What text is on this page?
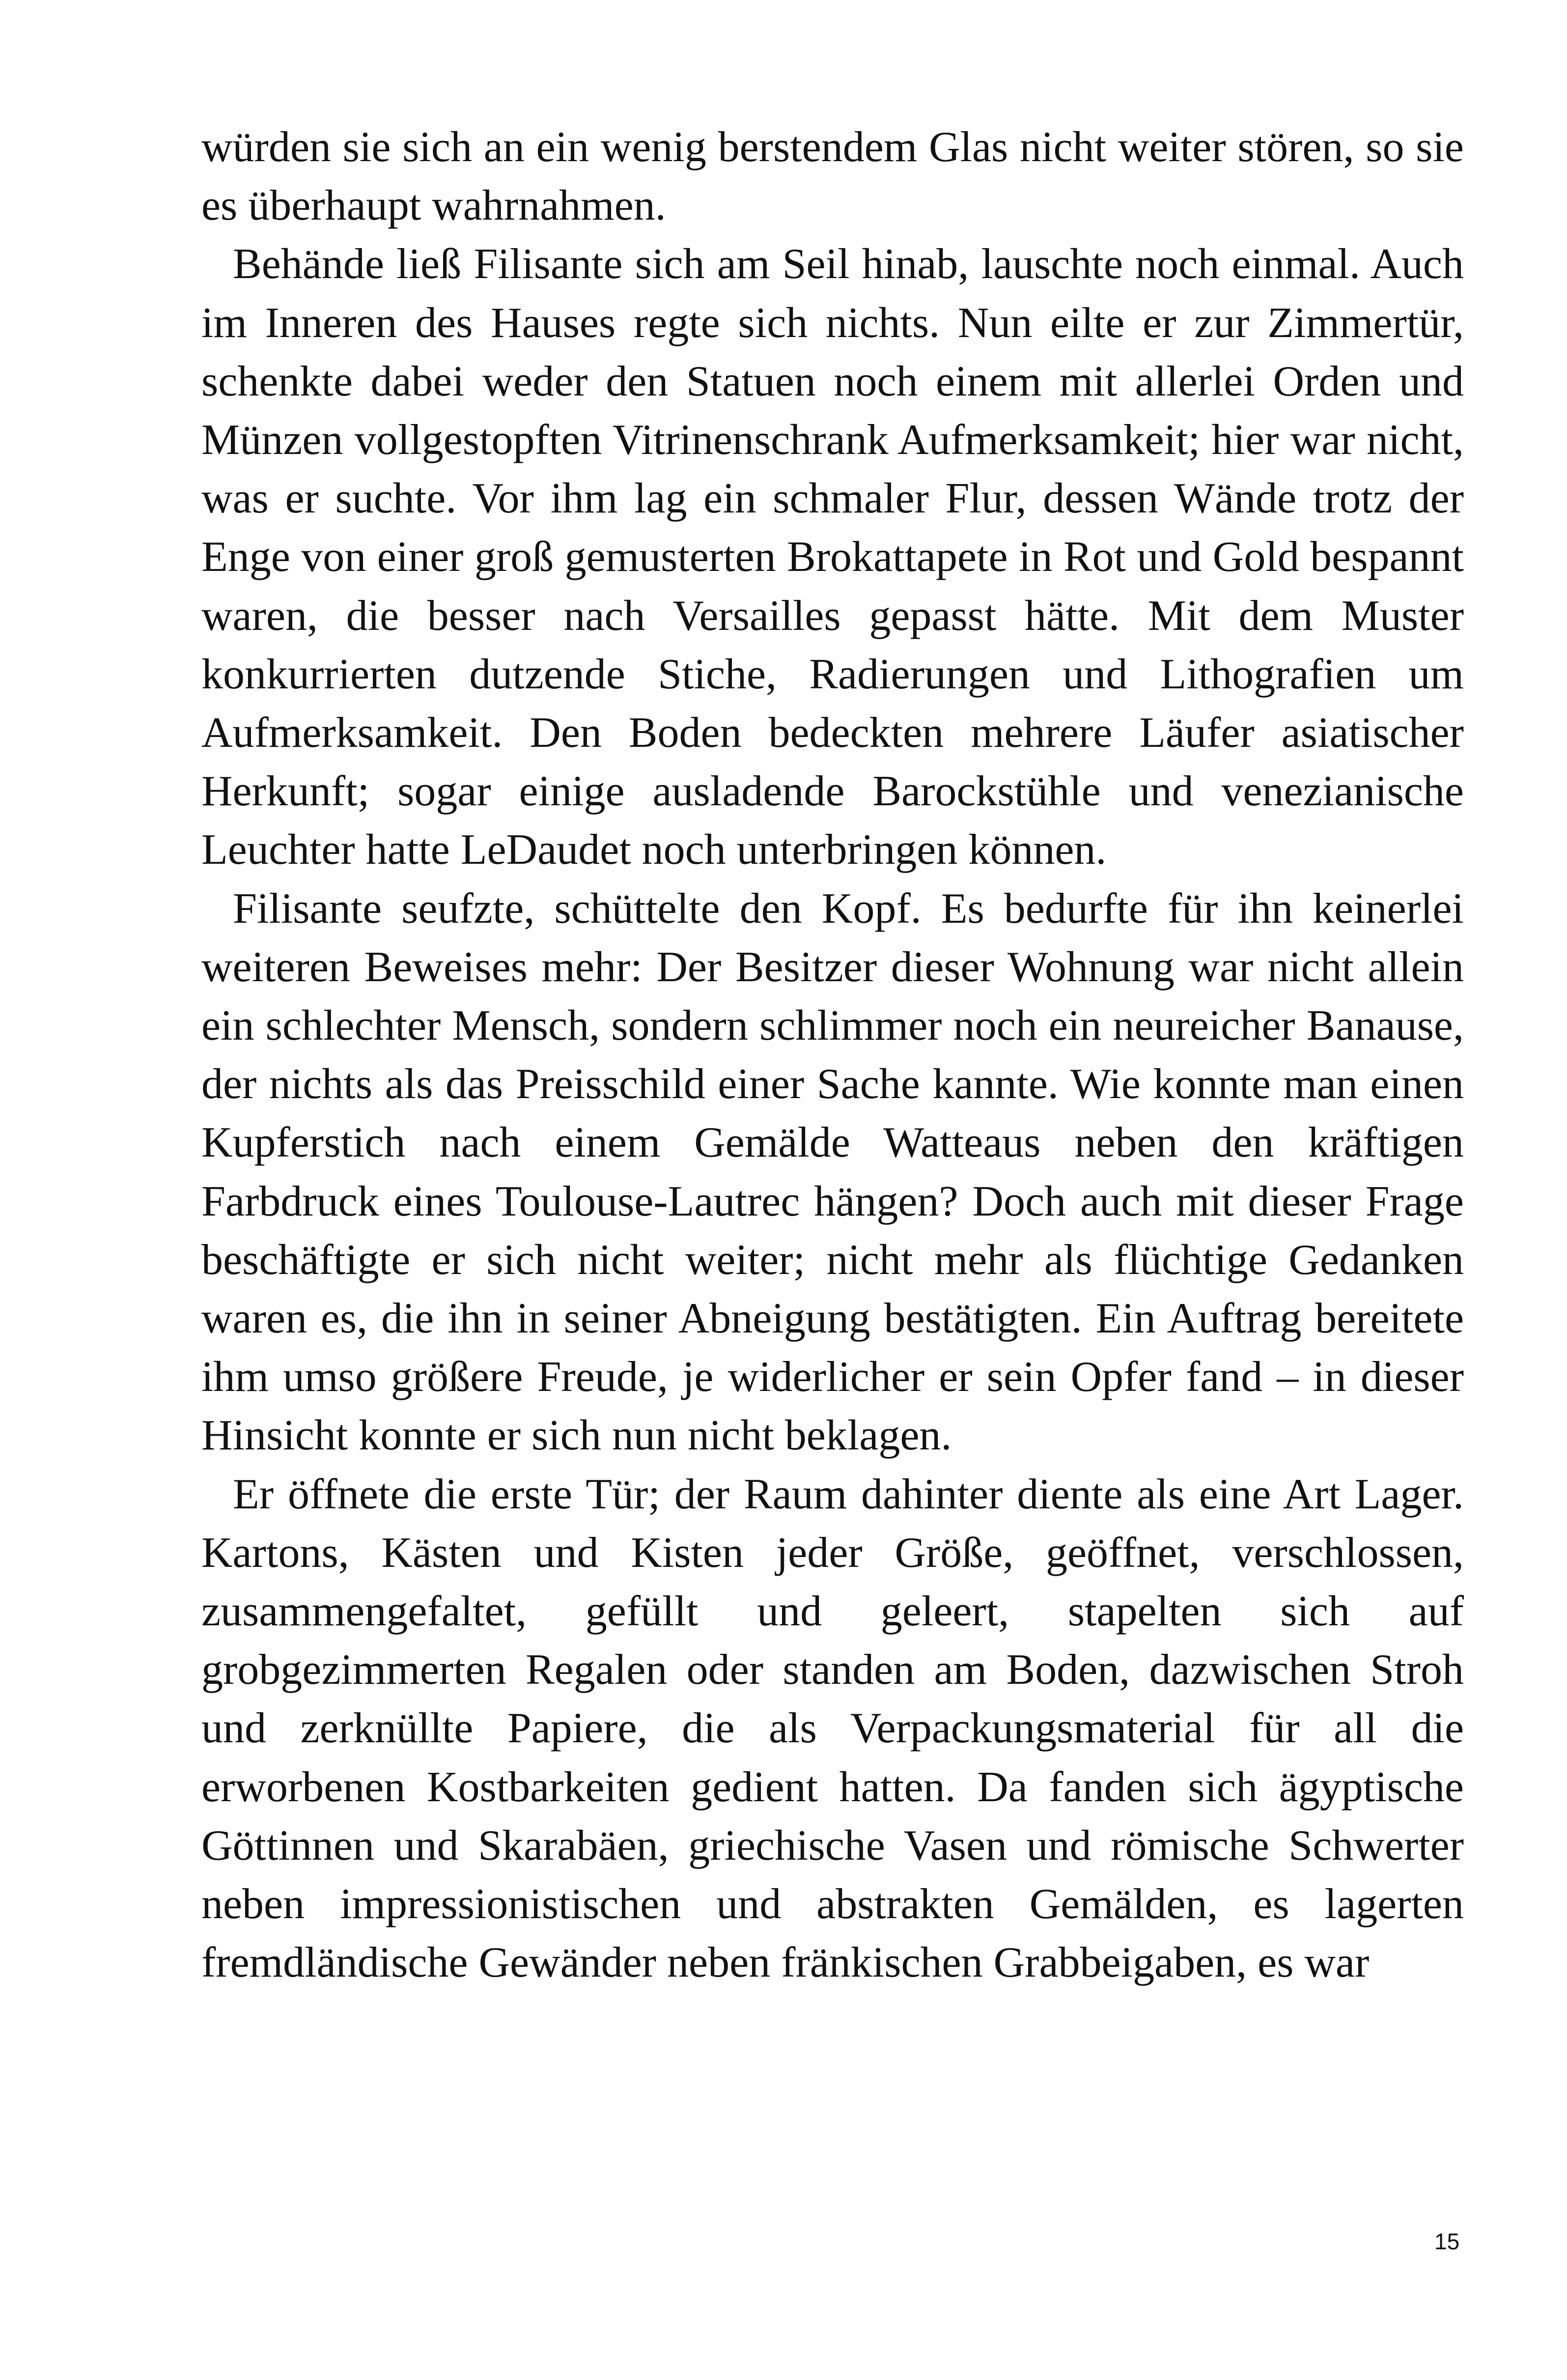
würden sie sich an ein wenig berstendem Glas nicht weiter stören, so sie es überhaupt wahrnahmen.

Behände ließ Filisante sich am Seil hinab, lauschte noch einmal. Auch im Inneren des Hauses regte sich nichts. Nun eilte er zur Zimmertür, schenkte dabei weder den Statuen noch einem mit allerlei Orden und Münzen vollgestopften Vitrinenschrank Aufmerksamkeit; hier war nicht, was er suchte. Vor ihm lag ein schmaler Flur, dessen Wände trotz der Enge von einer groß gemusterten Brokattapete in Rot und Gold bespannt waren, die besser nach Versailles gepasst hätte. Mit dem Muster konkurrierten dutzende Stiche, Radierungen und Lithografien um Aufmerksamkeit. Den Boden bedeckten mehrere Läufer asiatischer Herkunft; sogar einige ausladende Barockstühle und venezianische Leuchter hatte LeDaudet noch unterbringen können.

Filisante seufzte, schüttelte den Kopf. Es bedurfte für ihn keinerlei weiteren Beweises mehr: Der Besitzer dieser Wohnung war nicht allein ein schlechter Mensch, sondern schlimmer noch ein neureicher Banause, der nichts als das Preisschild einer Sache kannte. Wie konnte man einen Kupferstich nach einem Gemälde Watteaus neben den kräftigen Farbdruck eines Toulouse-Lautrec hängen? Doch auch mit dieser Frage beschäftigte er sich nicht weiter; nicht mehr als flüchtige Gedanken waren es, die ihn in seiner Abneigung bestätigten. Ein Auftrag bereitete ihm umso größere Freude, je widerlicher er sein Opfer fand – in dieser Hinsicht konnte er sich nun nicht beklagen.

Er öffnete die erste Tür; der Raum dahinter diente als eine Art Lager. Kartons, Kästen und Kisten jeder Größe, geöffnet, verschlossen, zusammengefaltet, gefüllt und geleert, stapelten sich auf grobgezimmerten Regalen oder standen am Boden, dazwischen Stroh und zerknüllte Papiere, die als Verpackungsmaterial für all die erworbenen Kostbarkeiten gedient hatten. Da fanden sich ägyptische Göttinnen und Skarabäen, griechische Vasen und römische Schwerter neben impressionistischen und abstrakten Gemälden, es lagerten fremdländische Gewänder neben fränkischen Grabbeigaben, es war

15
